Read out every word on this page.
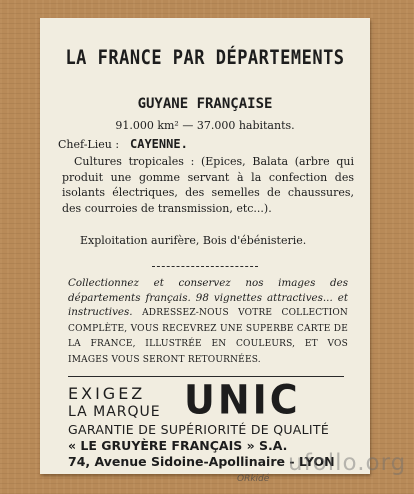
LA FRANCE PAR DÉPARTEMENTS
GUYANE FRANÇAISE
91.000 km² — 37.000 habitants.
Chef-Lieu : CAYENNE.
Cultures tropicales : (Epices, Balata (arbre qui produit une gomme servant à la confection des isolants électriques, des semelles de chaussures, des courroies de transmission, etc...).
Exploitation aurifère, Bois d'ébénisterie.
Collectionnez et conservez nos images des départements français. 98 vignettes attractives... et instructives. ADRESSEZ-NOUS VOTRE COLLECTION COMPLÈTE, VOUS RECEVREZ UNE SUPERBE CARTE DE LA FRANCE, ILLUSTRÉE EN COULEURS, ET VOS IMAGES VOUS SERONT RETOURNÉES.
EXIGEZ
LA MARQUE UNIC
GARANTIE DE SUPÉRIORITÉ DE QUALITÉ
« LE GRUYÈRE FRANÇAIS » S.A.
74, Avenue Sidoine-Apollinaire - LYON
ufollo.org
ORkidé
